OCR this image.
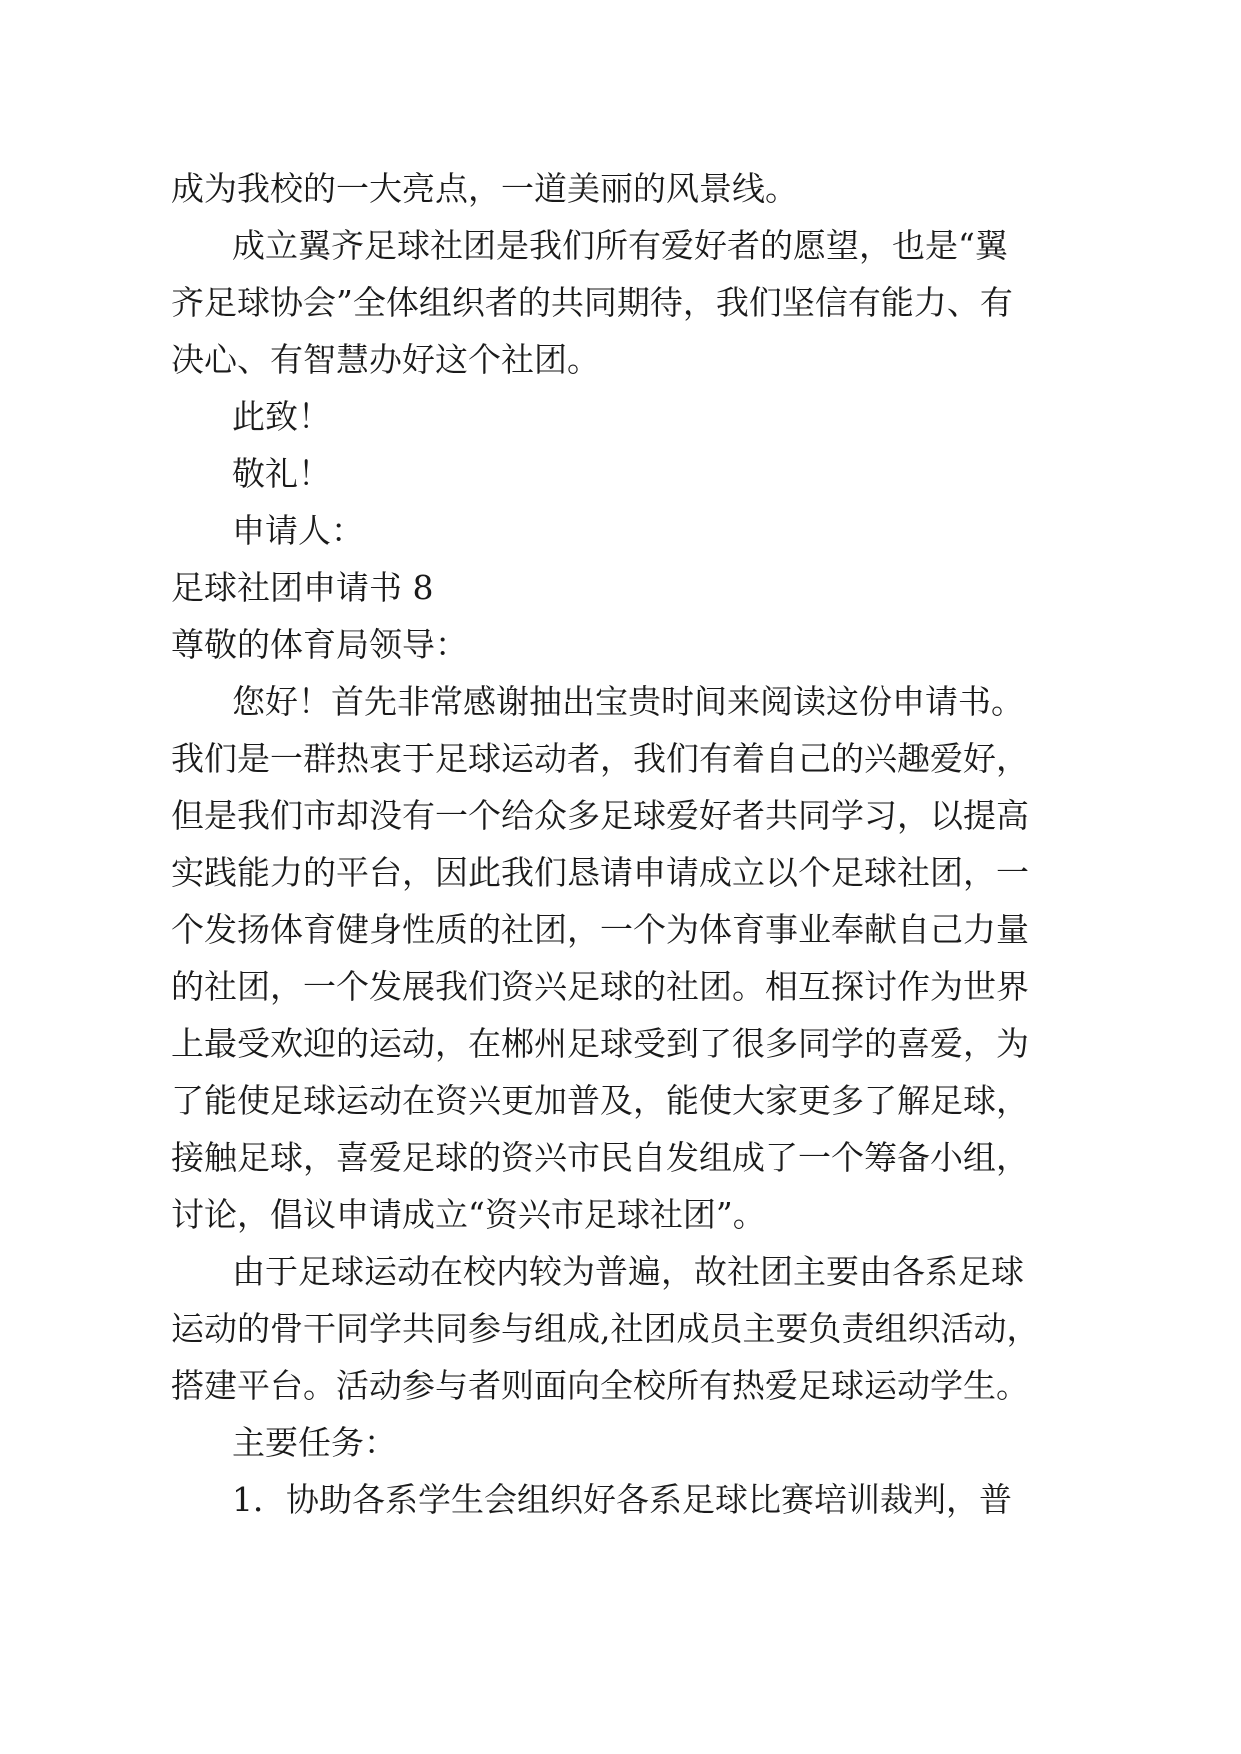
成为我校的一大亮点，一道美丽的风景线。
成立翼齐足球社团是我们所有爱好者的愿望，也是“翼
齐足球协会”全体组织者的共同期待，我们坚信有能力、有
决心、有智慧办好这个社团。
此致！
敬礼！
申请人：
足球社团申请书 8
尊敬的体育局领导：
您好！首先非常感谢抽出宝贵时间来阅读这份申请书。
我们是一群热衷于足球运动者，我们有着自己的兴趣爱好，
但是我们市却没有一个给众多足球爱好者共同学习，以提高
实践能力的平台，因此我们恳请申请成立以个足球社团，一
个发扬体育健身性质的社团，一个为体育事业奉献自己力量
的社团，一个发展我们资兴足球的社团。相互探讨作为世界
上最受欢迎的运动，在郴州足球受到了很多同学的喜爱，为
了能使足球运动在资兴更加普及，能使大家更多了解足球，
接触足球，喜爱足球的资兴市民自发组成了一个筹备小组，
讨论，倡议申请成立“资兴市足球社团”。
由于足球运动在校内较为普遍，故社团主要由各系足球
运动的骨干同学共同参与组成,社团成员主要负责组织活动，
搭建平台。活动参与者则面向全校所有热爱足球运动学生。
主要任务：
1．协助各系学生会组织好各系足球比赛培训裁判，普
